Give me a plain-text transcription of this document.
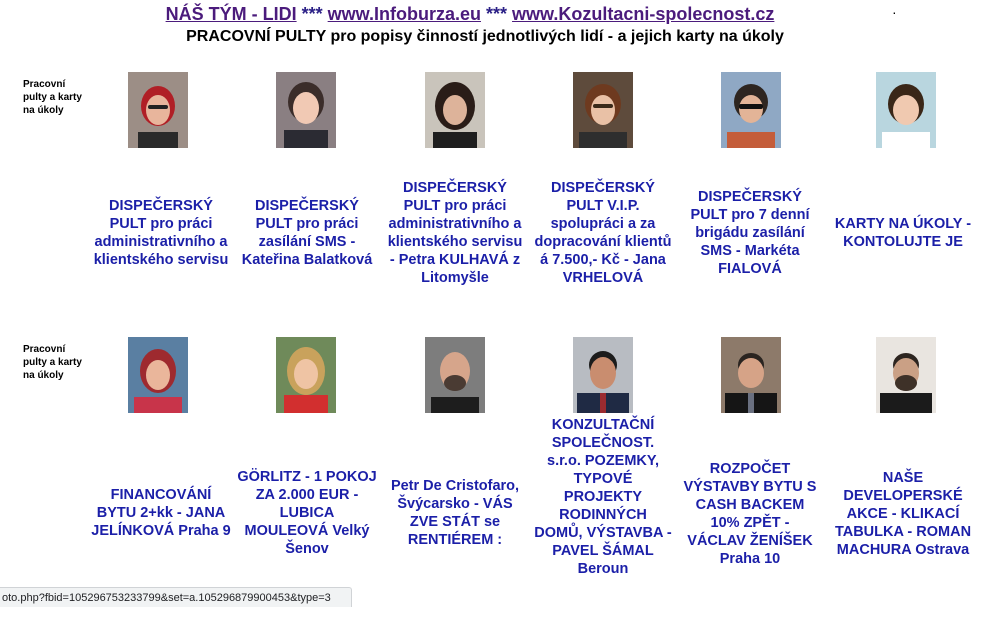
NÁŠ TÝM - LIDI *** www.Infoburza.eu *** www.Kozultacni-spolecnost.cz	·
PRACOVNÍ PULTY pro popisy činností jednotlivých lidí - a jejich karty na úkoly
Pracovní pulty a karty na úkoly
Pracovní pulty a karty na úkoly
DISPEČERSKÝ PULT pro práci administrativního a klientského servisu
DISPEČERSKÝ PULT pro práci zasílání SMS - Kateřina Balatková
DISPEČERSKÝ PULT pro práci administrativního a klientského servisu - Petra KULHAVÁ z Litomyšle
DISPEČERSKÝ PULT V.I.P. spolupráci a za dopracování klientů á 7.500,- Kč - Jana VRHELOVÁ
DISPEČERSKÝ PULT pro 7 denní brigádu zasílání SMS - Markéta FIALOVÁ
KARTY NA ÚKOLY - KONTOLUJTE JE
FINANCOVÁNÍ BYTU 2+kk - JANA JELÍNKOVÁ Praha 9
GÖRLITZ - 1 POKOJ ZA 2.000 EUR - LUBICA MOULEOVÁ Velký Šenov
Petr De Cristofaro, Švýcarsko - VÁS ZVE STÁT se RENTIÉREM :
KONZULTAČNÍ SPOLEČNOST. s.r.o. POZEMKY, TYPOVÉ PROJEKTY RODINNÝCH DOMŮ, VÝSTAVBA - PAVEL ŠÁMAL Beroun
ROZPOČET VÝSTAVBY BYTU S CASH BACKEM 10% ZPĚT - VÁCLAV ŽENÍŠEK Praha 10
NAŠE DEVELOPERSKÉ AKCE - KLIKACÍ TABULKA - ROMAN MACHURA Ostrava
oto.php?fbid=105296753233799&set=a.105296879900453&type=3
